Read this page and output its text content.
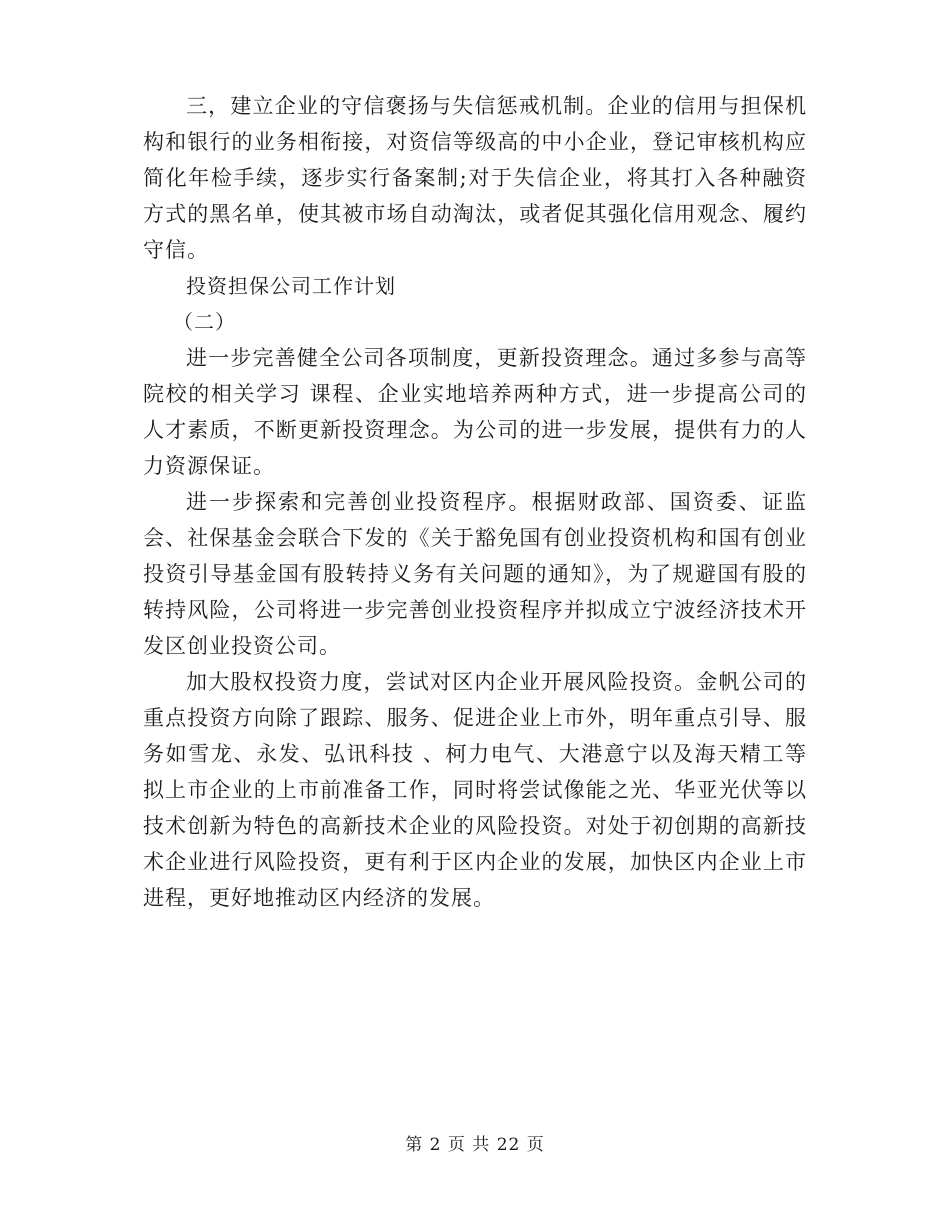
三，建立企业的守信褒扬与失信惩戒机制。企业的信用与担保机构和银行的业务相衔接，对资信等级高的中小企业，登记审核机构应简化年检手续，逐步实行备案制;对于失信企业，将其打入各种融资方式的黑名单，使其被市场自动淘汰，或者促其强化信用观念、履约守信。

投资担保公司工作计划

（二）

进一步完善健全公司各项制度，更新投资理念。通过多参与高等院校的相关学习 课程、企业实地培养两种方式，进一步提高公司的人才素质，不断更新投资理念。为公司的进一步发展，提供有力的人力资源保证。

进一步探索和完善创业投资程序。根据财政部、国资委、证监会、社保基金会联合下发的《关于豁免国有创业投资机构和国有创业投资引导基金国有股转持义务有关问题的通知》，为了规避国有股的转持风险，公司将进一步完善创业投资程序并拟成立宁波经济技术开发区创业投资公司。

加大股权投资力度，尝试对区内企业开展风险投资。金帆公司的重点投资方向除了跟踪、服务、促进企业上市外，明年重点引导、服务如雪龙、永发、弘讯科技 、柯力电气、大港意宁以及海天精工等拟上市企业的上市前准备工作，同时将尝试像能之光、华亚光伏等以技术创新为特色的高新技术企业的风险投资。对处于初创期的高新技术企业进行风险投资，更有利于区内企业的发展，加快区内企业上市进程，更好地推动区内经济的发展。

第 2 页 共 22 页
